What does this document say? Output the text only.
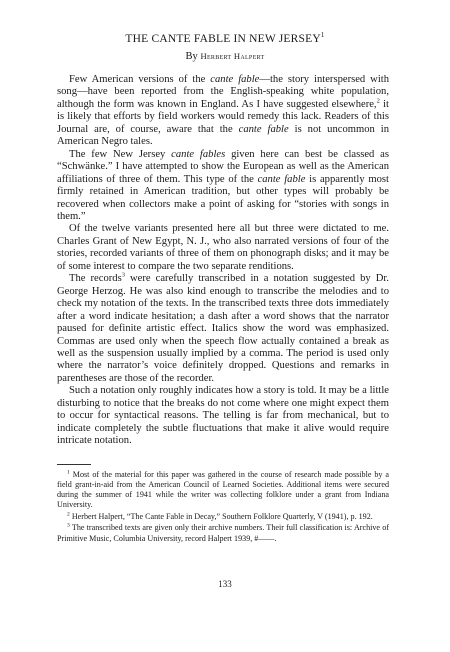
THE CANTE FABLE IN NEW JERSEY$^1$
By Herbert Halpert

Few American versions of the cante fable—the story interspersed with song—have been reported from the English-speaking white population, although the form was known in England. As I have suggested elsewhere,$^2$ it is likely that efforts by field workers would remedy this lack. Readers of this Journal are, of course, aware that the cante fable is not uncommon in American Negro tales.

The few New Jersey cante fables given here can best be classed as “Schwänke.” I have attempted to show the European as well as the American affiliations of three of them. This type of the cante fable is apparently most firmly retained in American tradition, but other types will probably be recovered when collectors make a point of asking for “stories with songs in them.”

Of the twelve variants presented here all but three were dictated to me. Charles Grant of New Egypt, N. J., who also narrated versions of four of the stories, recorded variants of three of them on phonograph disks; and it may be of some interest to compare the two separate renditions.

The records$^3$ were carefully transcribed in a notation suggested by Dr. George Herzog. He was also kind enough to transcribe the melodies and to check my notation of the texts. In the transcribed texts three dots immediately after a word indicate hesitation; a dash after a word shows that the narrator paused for definite artistic effect. Italics show the word was emphasized. Commas are used only when the speech flow actually contained a break as well as the suspension usually implied by a comma. The period is used only where the narrator’s voice definitely dropped. Questions and remarks in parentheses are those of the recorder.

Such a notation only roughly indicates how a story is told. It may be a little disturbing to notice that the breaks do not come where one might expect them to occur for syntactical reasons. The telling is far from mechanical, but to indicate completely the subtle fluctuations that make it alive would require intricate notation.

$^1$ Most of the material for this paper was gathered in the course of research made possible by a field grant-in-aid from the American Council of Learned Societies. Additional items were secured during the summer of 1941 while the writer was collecting folklore under a grant from Indiana University.

$^2$ Herbert Halpert, “The Cante Fable in Decay,” Southern Folklore Quarterly, V (1941), p. 192.

$^3$ The transcribed texts are given only their archive numbers. Their full classification is: Archive of Primitive Music, Columbia University, record Halpert 1939, #——.

133
